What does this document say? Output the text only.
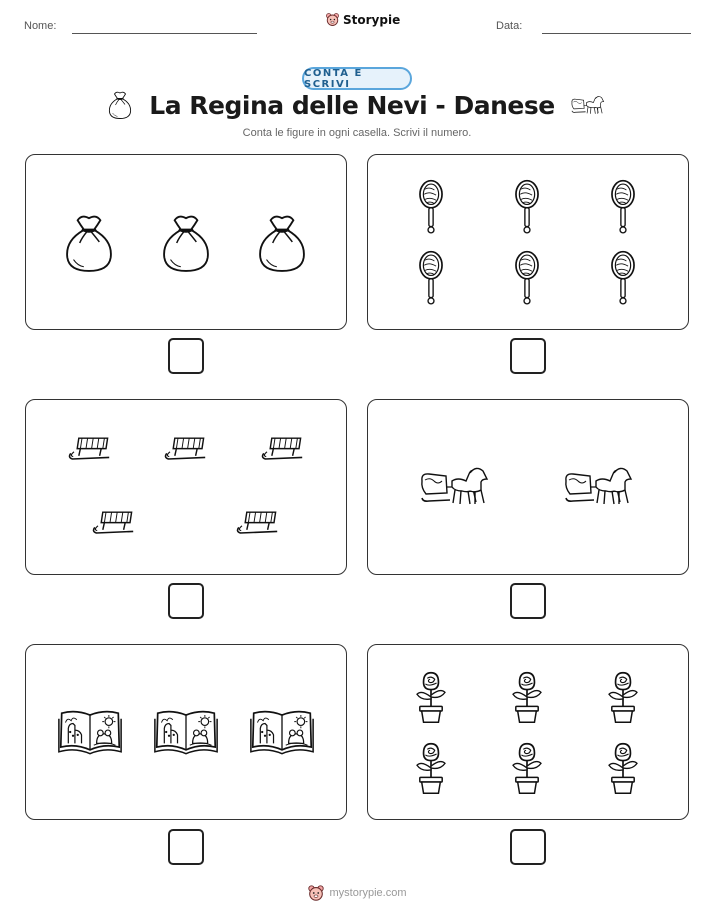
Nome:	Storypie	Data:
CONTA E SCRIVI
La Regina delle Nevi - Danese
Conta le figure in ogni casella. Scrivi il numero.
mystorypie.com
